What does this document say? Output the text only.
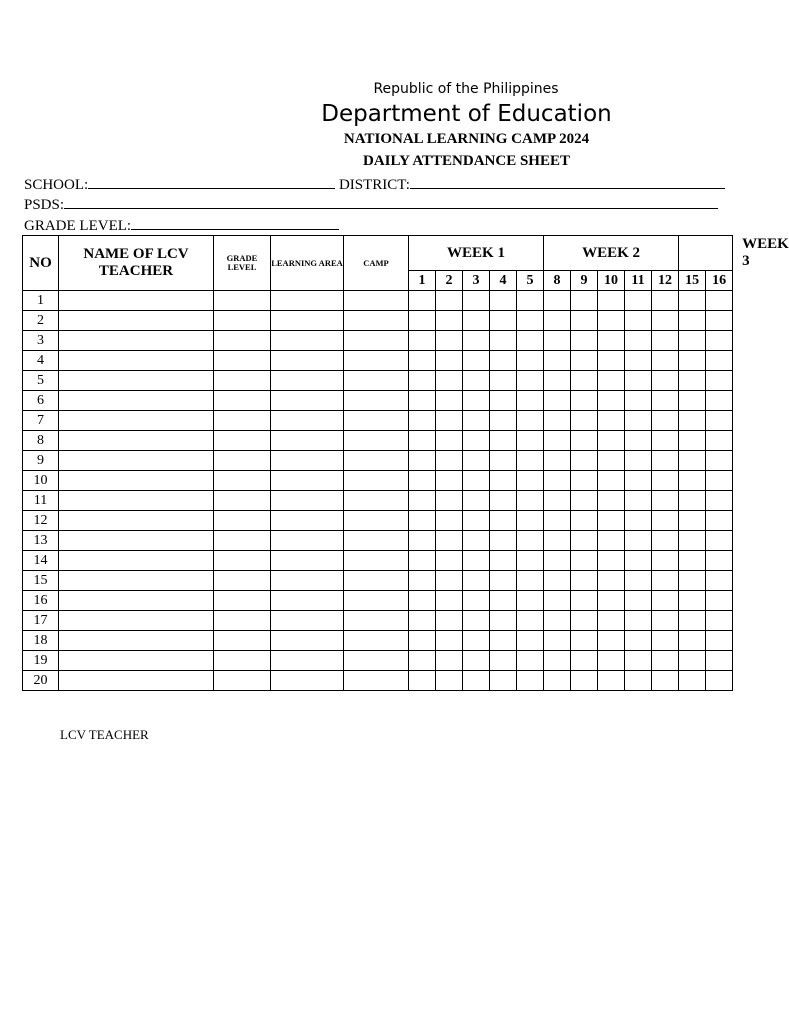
Republic of the Philippines
Department of Education
NATIONAL LEARNING CAMP 2024
DAILY ATTENDANCE SHEET
SCHOOL:	DISTRICT:
PSDS:
GRADE LEVEL:
NO	NAME OF LCV TEACHER	GRADE LEVEL	LEARNING AREA	CAMP	WEEK 1					WEEK 2					WEEK 3	
					1	2	3	4	5	8	9	10	11	12	15	16
1																
2																
3																
4																
5																
6																
7																
8																
9																
10																
11																
12																
13																
14																
15																
16																
17																
18																
19																
20																
LCV TEACHER
